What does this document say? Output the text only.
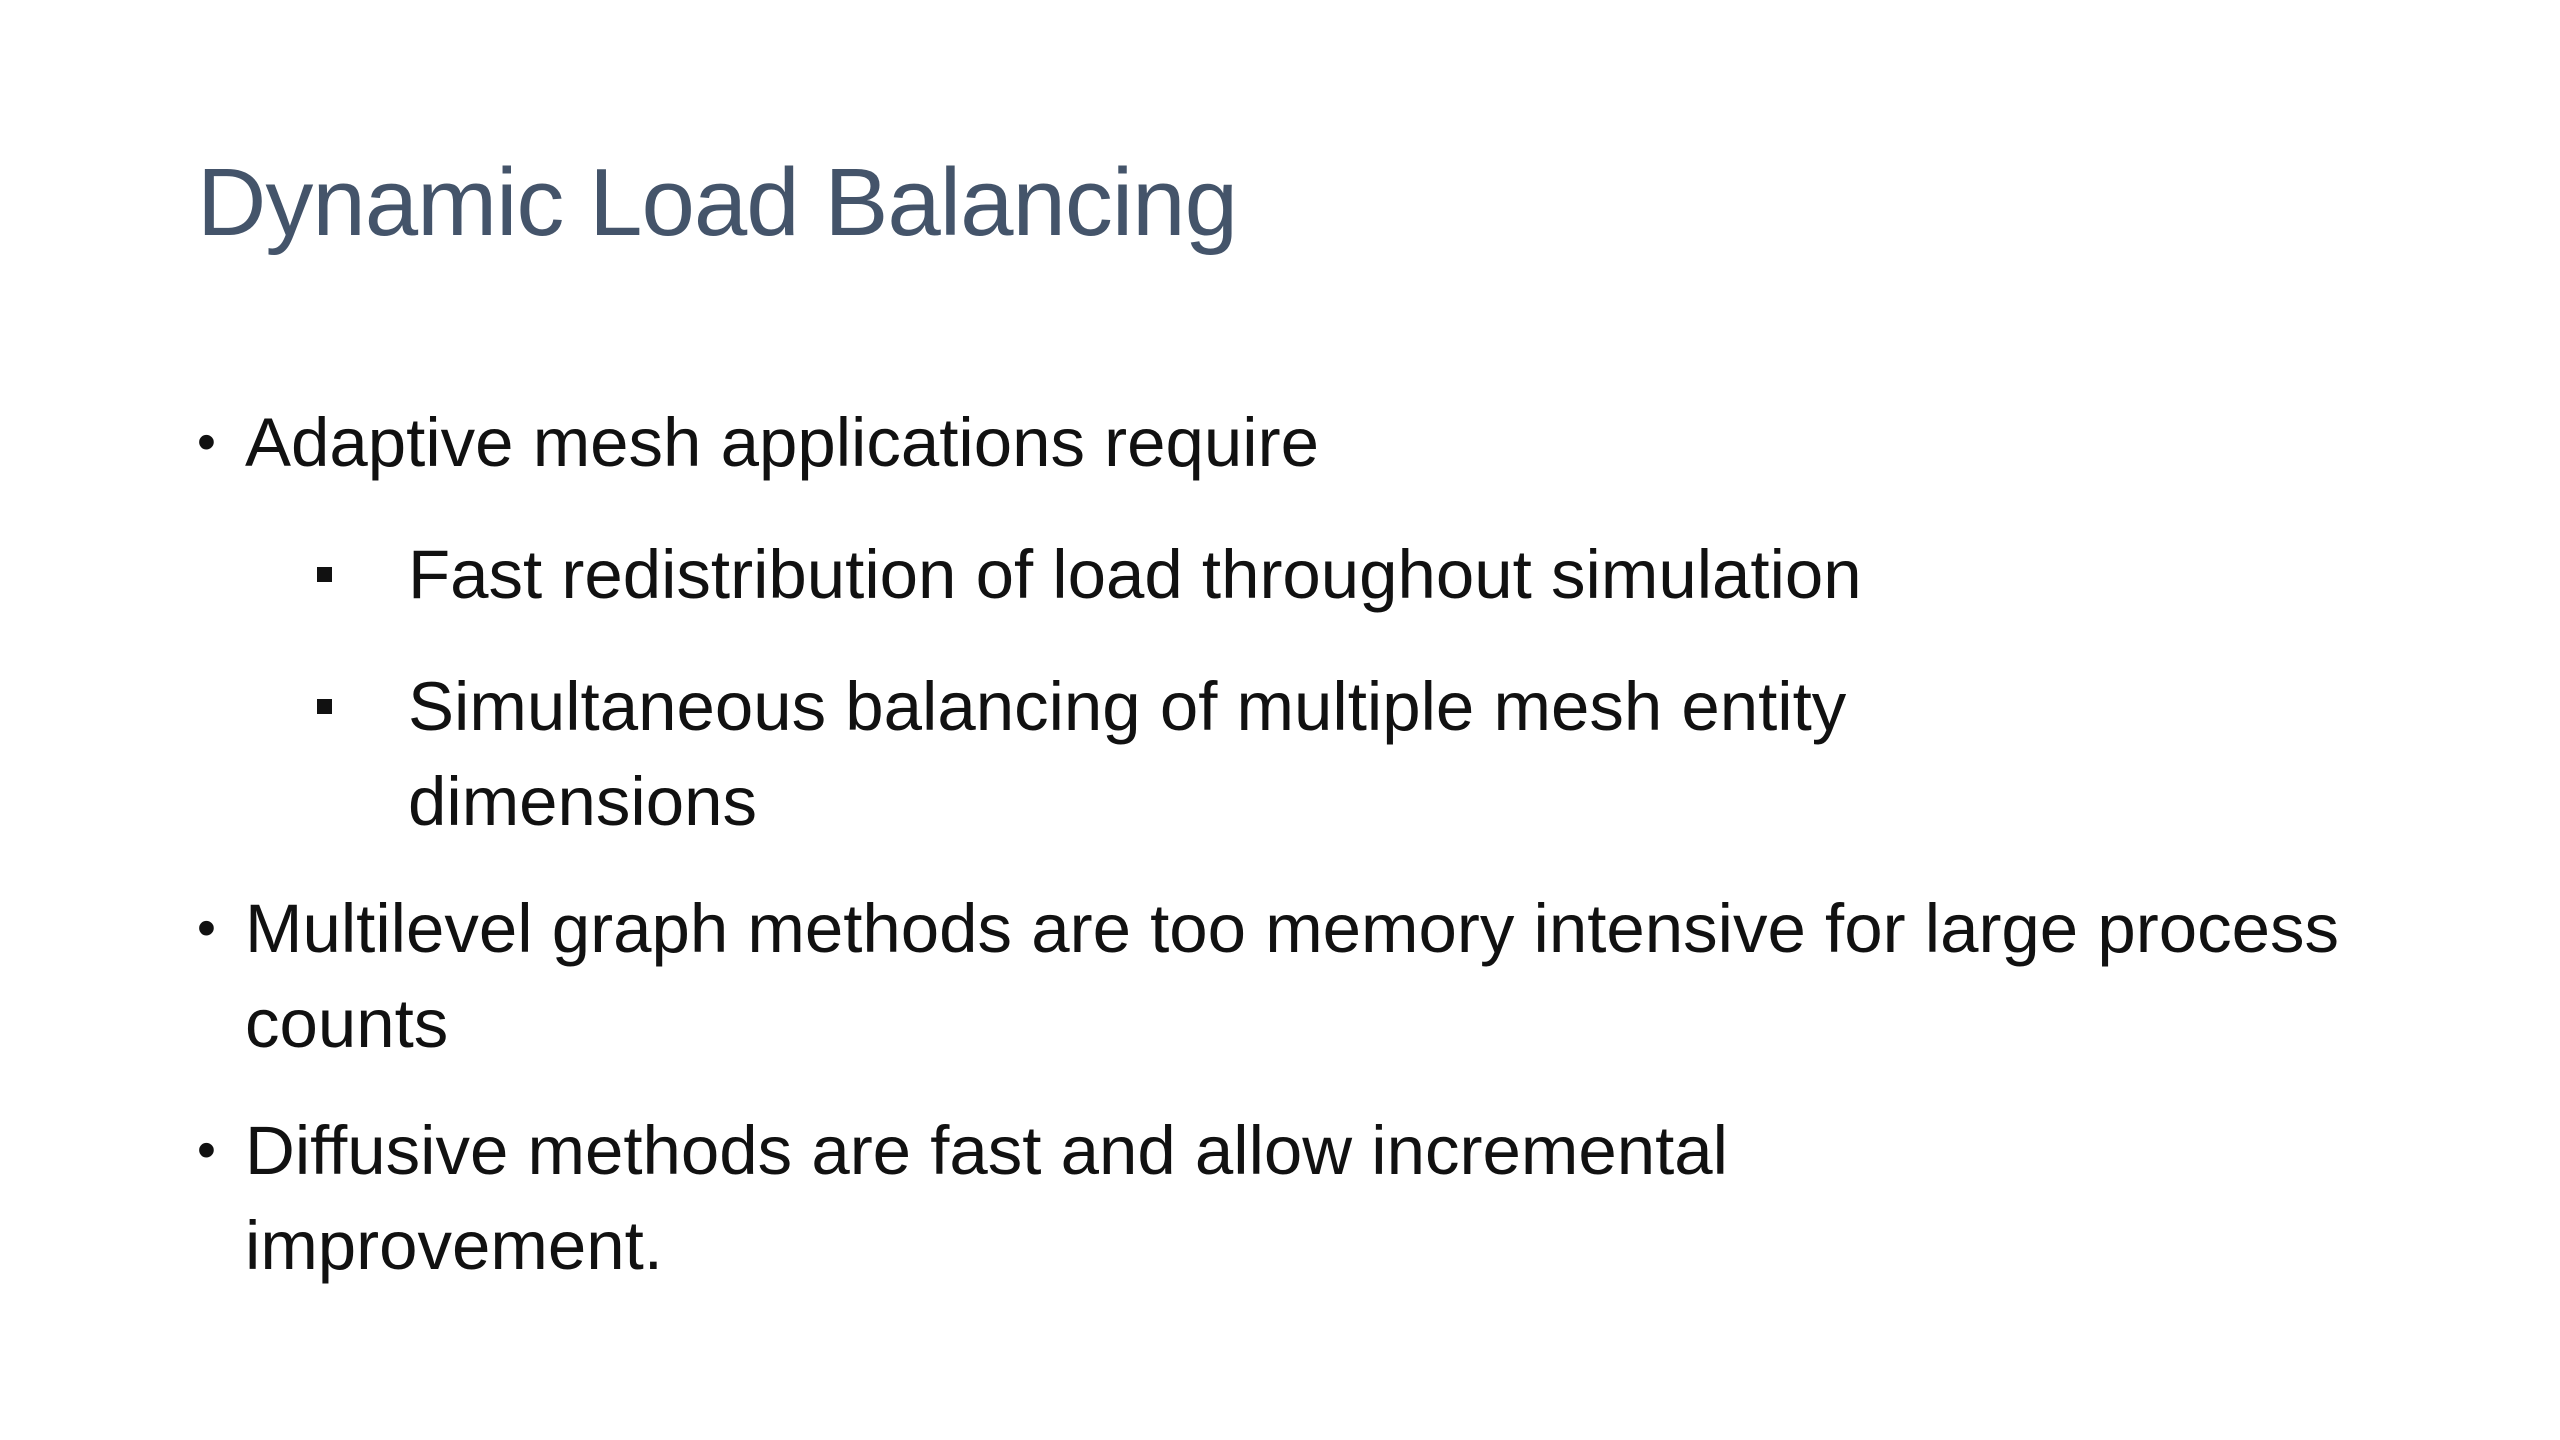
Dynamic Load Balancing
• Adaptive mesh applications require
Fast redistribution of load throughout simulation
Simultaneous balancing of multiple mesh entity dimensions
• Multilevel graph methods are too memory intensive for large process counts
• Diffusive methods are fast and allow incremental improvement.
